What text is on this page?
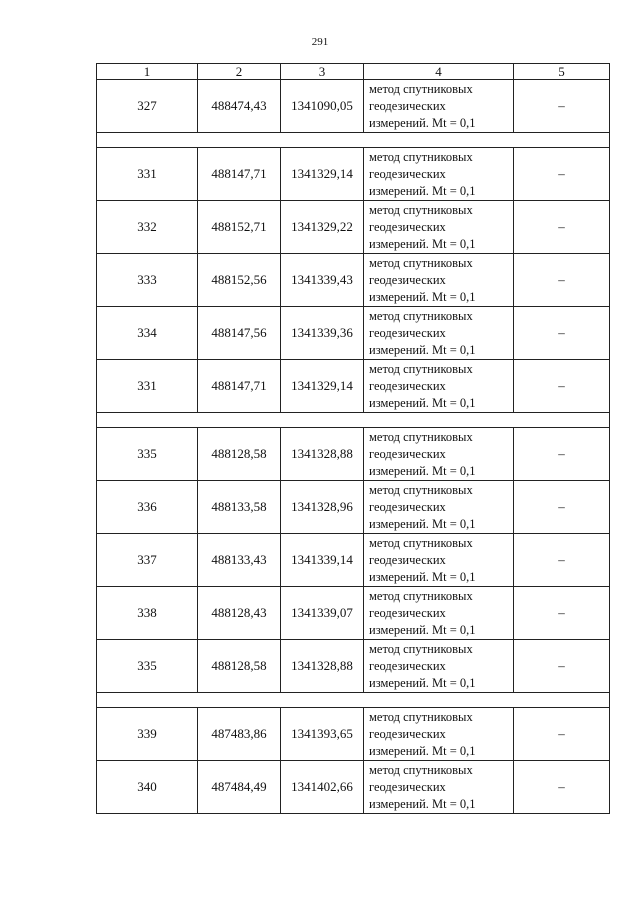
291
1	2	3	4	5
327	488474,43	1341090,05	метод спутниковых
геодезических
измерений. Mt = 0,1	–

331	488147,71	1341329,14	метод спутниковых
геодезических
измерений. Mt = 0,1	–
332	488152,71	1341329,22	метод спутниковых
геодезических
измерений. Mt = 0,1	–
333	488152,56	1341339,43	метод спутниковых
геодезических
измерений. Mt = 0,1	–
334	488147,56	1341339,36	метод спутниковых
геодезических
измерений. Mt = 0,1	–
331	488147,71	1341329,14	метод спутниковых
геодезических
измерений. Mt = 0,1	–

335	488128,58	1341328,88	метод спутниковых
геодезических
измерений. Mt = 0,1	–
336	488133,58	1341328,96	метод спутниковых
геодезических
измерений. Mt = 0,1	–
337	488133,43	1341339,14	метод спутниковых
геодезических
измерений. Mt = 0,1	–
338	488128,43	1341339,07	метод спутниковых
геодезических
измерений. Mt = 0,1	–
335	488128,58	1341328,88	метод спутниковых
геодезических
измерений. Mt = 0,1	–

339	487483,86	1341393,65	метод спутниковых
геодезических
измерений. Mt = 0,1	–
340	487484,49	1341402,66	метод спутниковых
геодезических
измерений. Mt = 0,1	–
